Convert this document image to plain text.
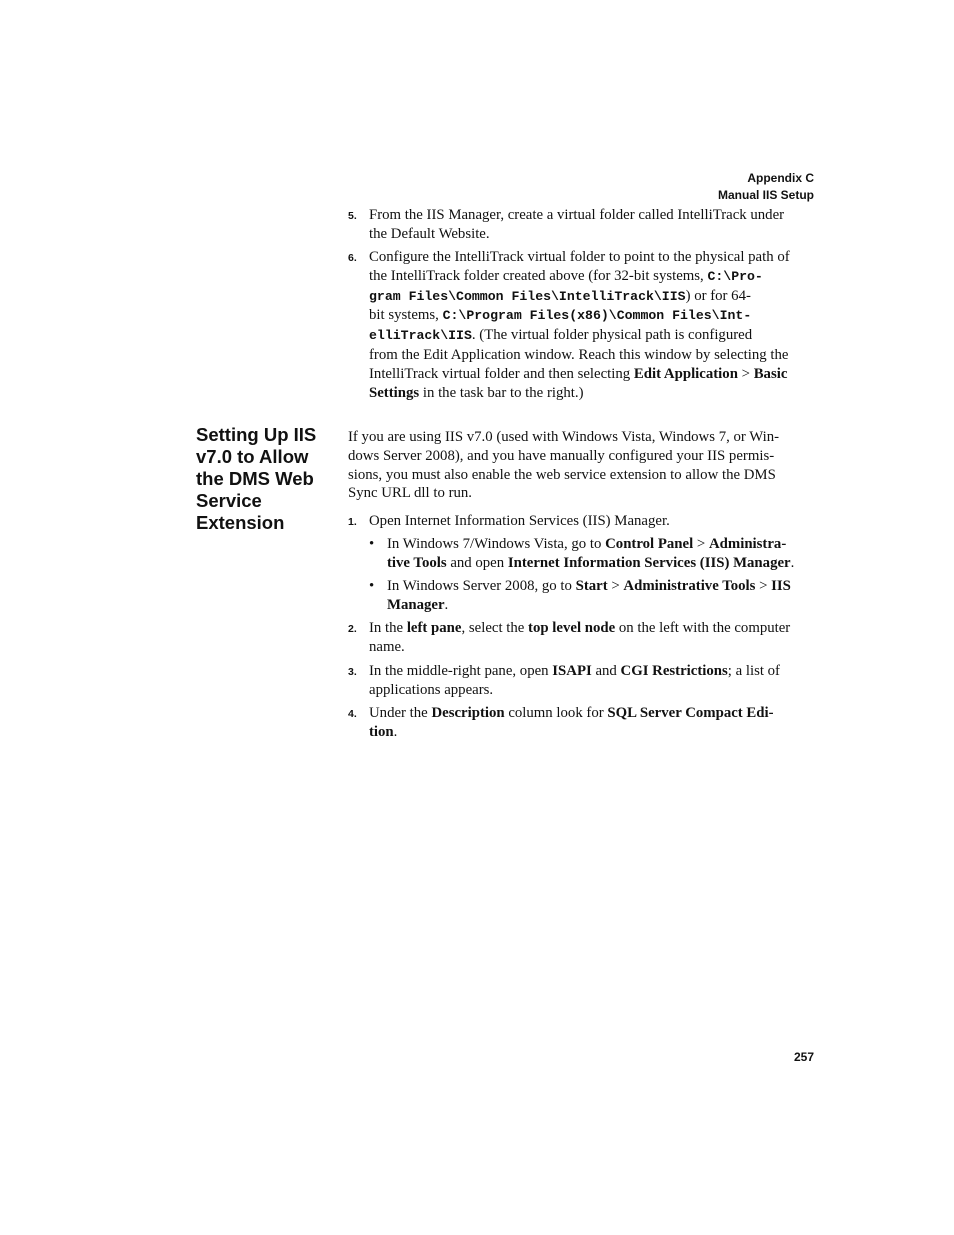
Appendix C
Manual IIS Setup
5. From the IIS Manager, create a virtual folder called IntelliTrack under
the Default Website.
6. Configure the IntelliTrack virtual folder to point to the physical path of
the IntelliTrack folder created above (for 32-bit systems, C:\Pro-
gram Files\Common Files\IntelliTrack\IIS) or for 64-
bit systems, C:\Program Files(x86)\Common Files\Int-
elliTrack\IIS. (The virtual folder physical path is configured
from the Edit Application window. Reach this window by selecting the
IntelliTrack virtual folder and then selecting Edit Application > Basic
Settings in the task bar to the right.)
Setting Up IIS
v7.0 to Allow
the DMS Web
Service
Extension
If you are using IIS v7.0 (used with Windows Vista, Windows 7, or Win-
dows Server 2008), and you have manually configured your IIS permis-
sions, you must also enable the web service extension to allow the DMS
Sync URL dll to run.
1. Open Internet Information Services (IIS) Manager.
• In Windows 7/Windows Vista, go to Control Panel > Administra-
tive Tools and open Internet Information Services (IIS) Manager.
• In Windows Server 2008, go to Start > Administrative Tools > IIS
Manager.
2. In the left pane, select the top level node on the left with the computer
name.
3. In the middle-right pane, open ISAPI and CGI Restrictions; a list of
applications appears.
4. Under the Description column look for SQL Server Compact Edi-
tion.
257
